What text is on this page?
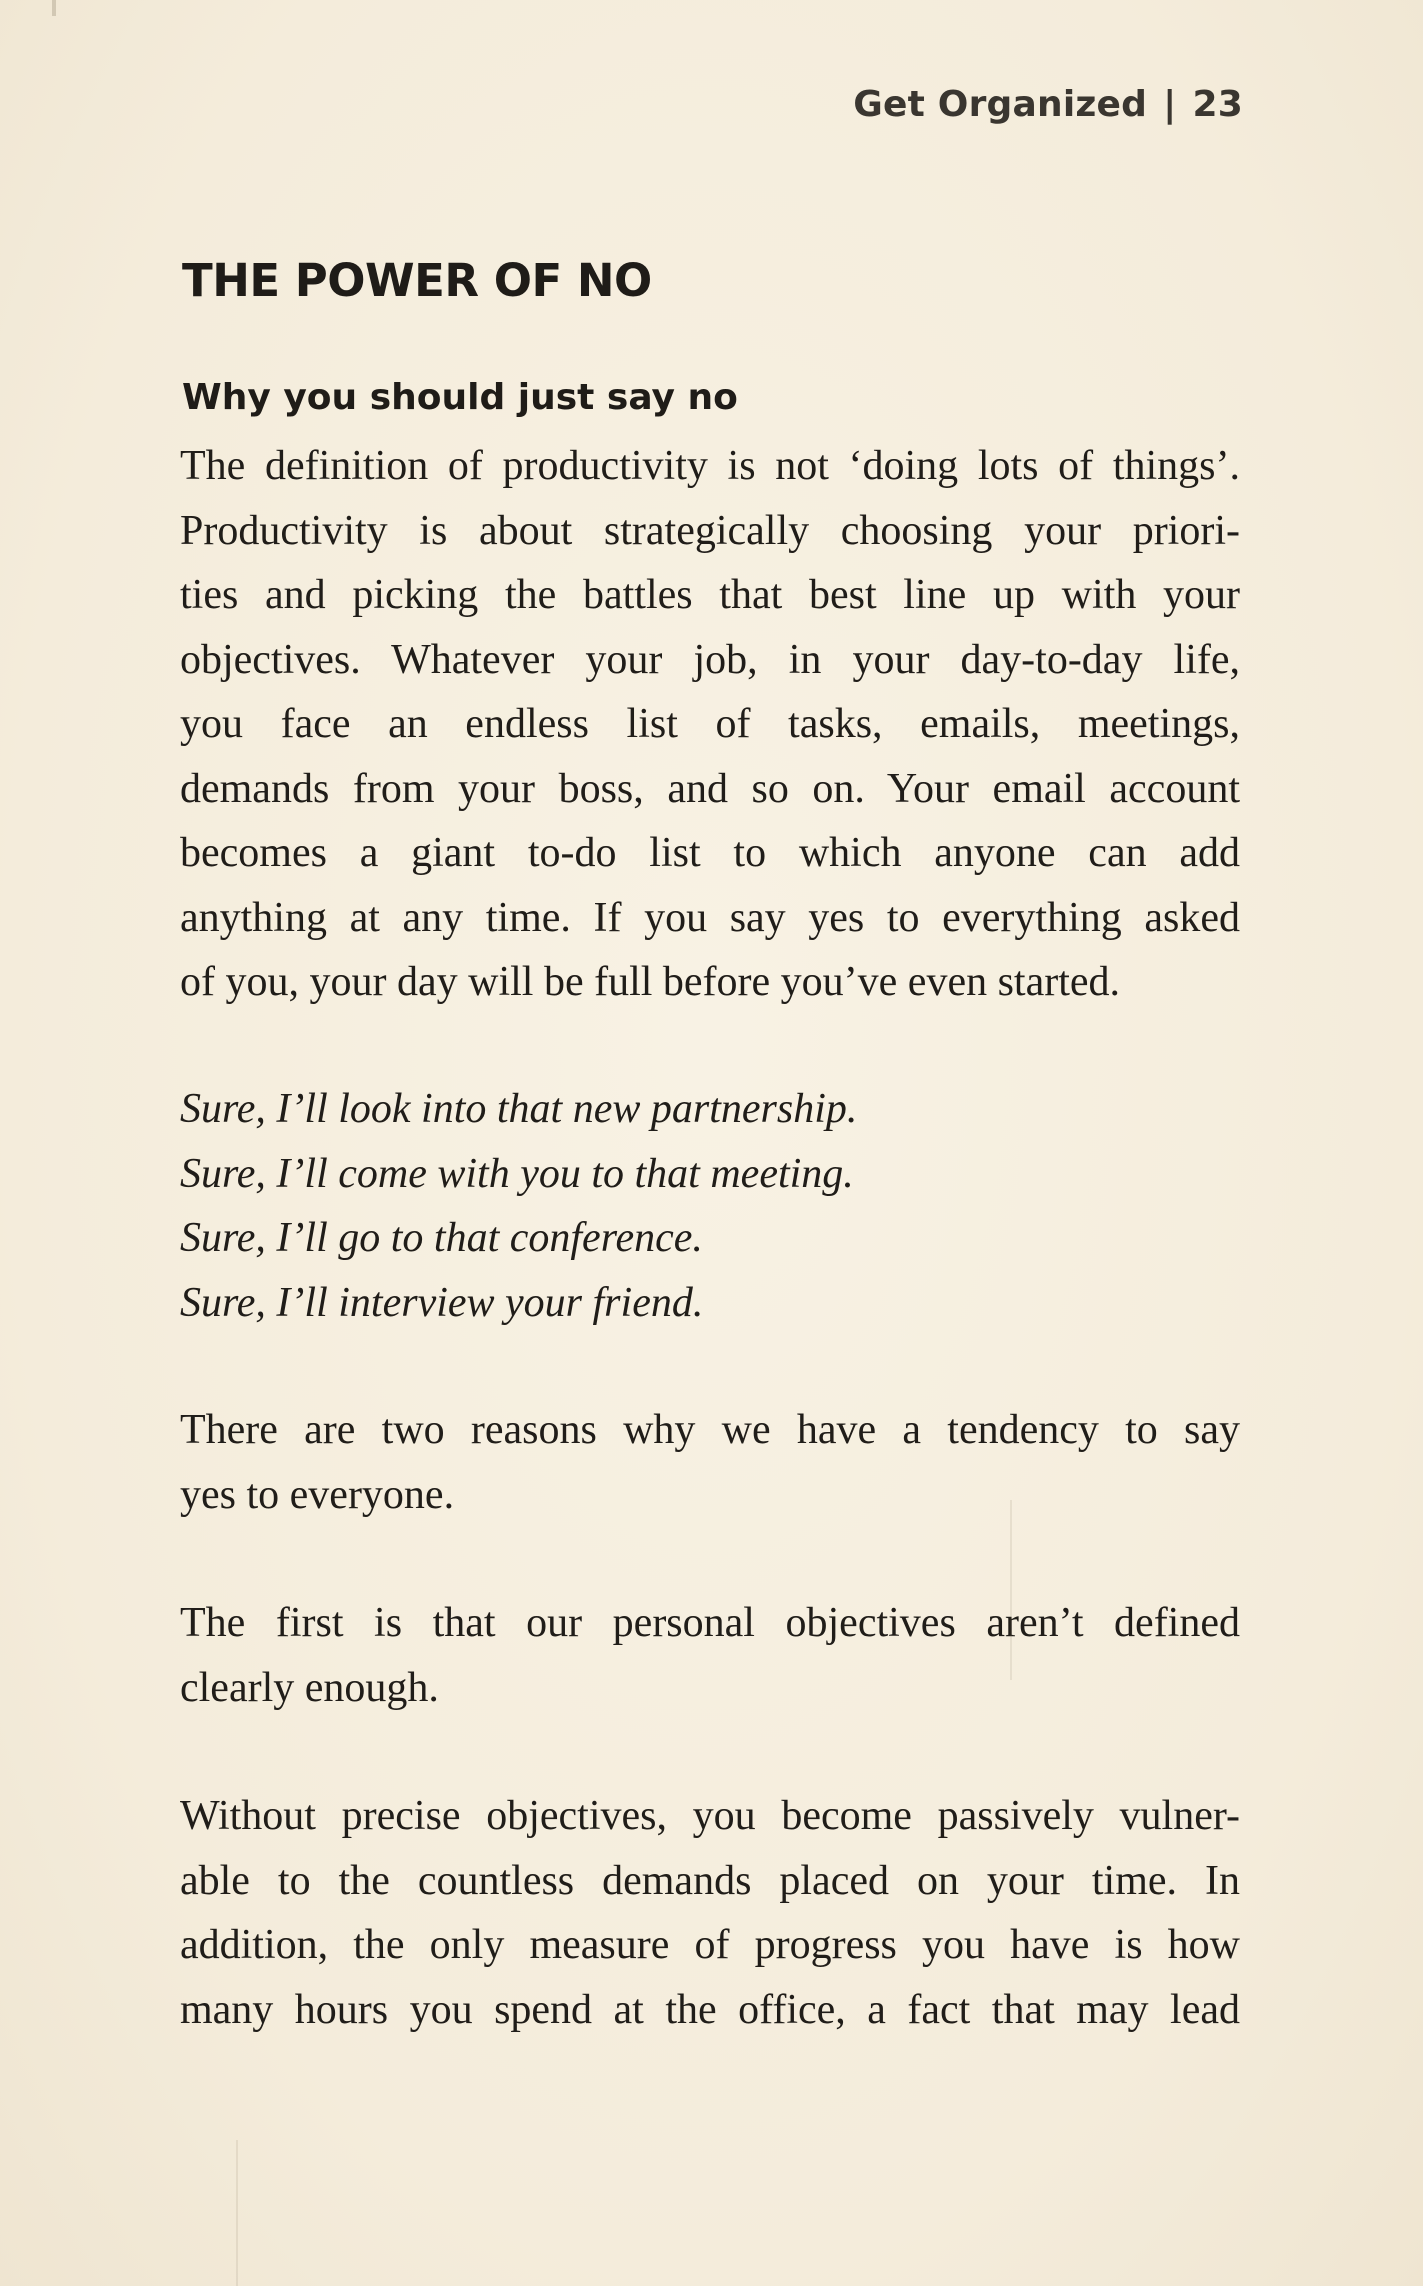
Get Organized | 23
THE POWER OF NO
Why you should just say no
The definition of productivity is not ‘doing lots of things’.
Productivity is about strategically choosing your priori-
ties and picking the battles that best line up with your
objectives. Whatever your job, in your day-to-day life,
you face an endless list of tasks, emails, meetings,
demands from your boss, and so on. Your email account
becomes a giant to-do list to which anyone can add
anything at any time. If you say yes to everything asked
of you, your day will be full before you’ve even started.
Sure, I’ll look into that new partnership.
Sure, I’ll come with you to that meeting.
Sure, I’ll go to that conference.
Sure, I’ll interview your friend.
There are two reasons why we have a tendency to say
yes to everyone.
The first is that our personal objectives aren’t defined
clearly enough.
Without precise objectives, you become passively vulner-
able to the countless demands placed on your time. In
addition, the only measure of progress you have is how
many hours you spend at the office, a fact that may lead
